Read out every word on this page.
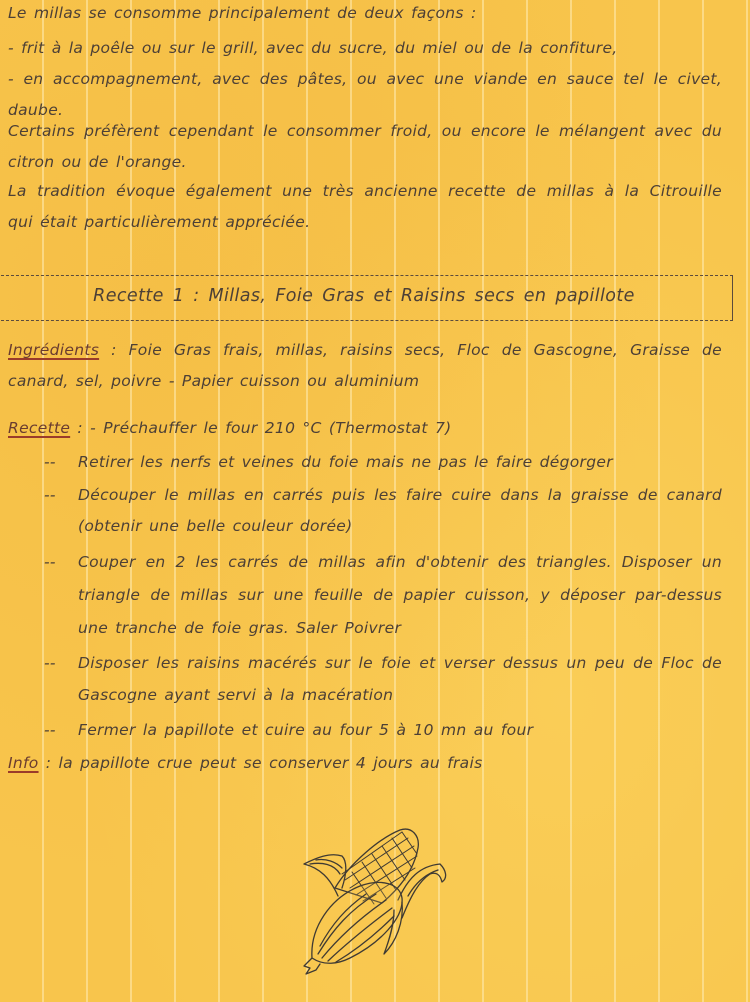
Le millas se consomme principalement de deux façons :
- frit à la poêle ou sur le grill, avec du sucre, du miel ou de la confiture,
- en accompagnement, avec des pâtes, ou avec une viande en sauce tel le civet,
daube.
Certains préfèrent cependant le consommer froid, ou encore le mélangent avec du
citron ou de l'orange.
La tradition évoque également une très ancienne recette de millas à la Citrouille
qui était particulièrement appréciée.
Recette 1 : Millas, Foie Gras et Raisins secs en papillote
Ingrédients : Foie Gras frais, millas, raisins secs, Floc de Gascogne, Graisse de
canard, sel, poivre - Papier cuisson ou aluminium
Recette : - Préchauffer le four 210 °C (Thermostat 7)
-- Retirer les nerfs et veines du foie mais ne pas le faire dégorger
-- Découper le millas en carrés puis les faire cuire dans la graisse de canard
(obtenir une belle couleur dorée)
-- Couper en 2 les carrés de millas afin d'obtenir des triangles. Disposer un
triangle de millas sur une feuille de papier cuisson, y déposer par-dessus
une tranche de foie gras. Saler Poivrer
-- Disposer les raisins macérés sur le foie et verser dessus un peu de Floc de
Gascogne ayant servi à la macération
-- Fermer la papillote et cuire au four 5 à 10 mn au four
Info : la papillote crue peut se conserver 4 jours au frais
